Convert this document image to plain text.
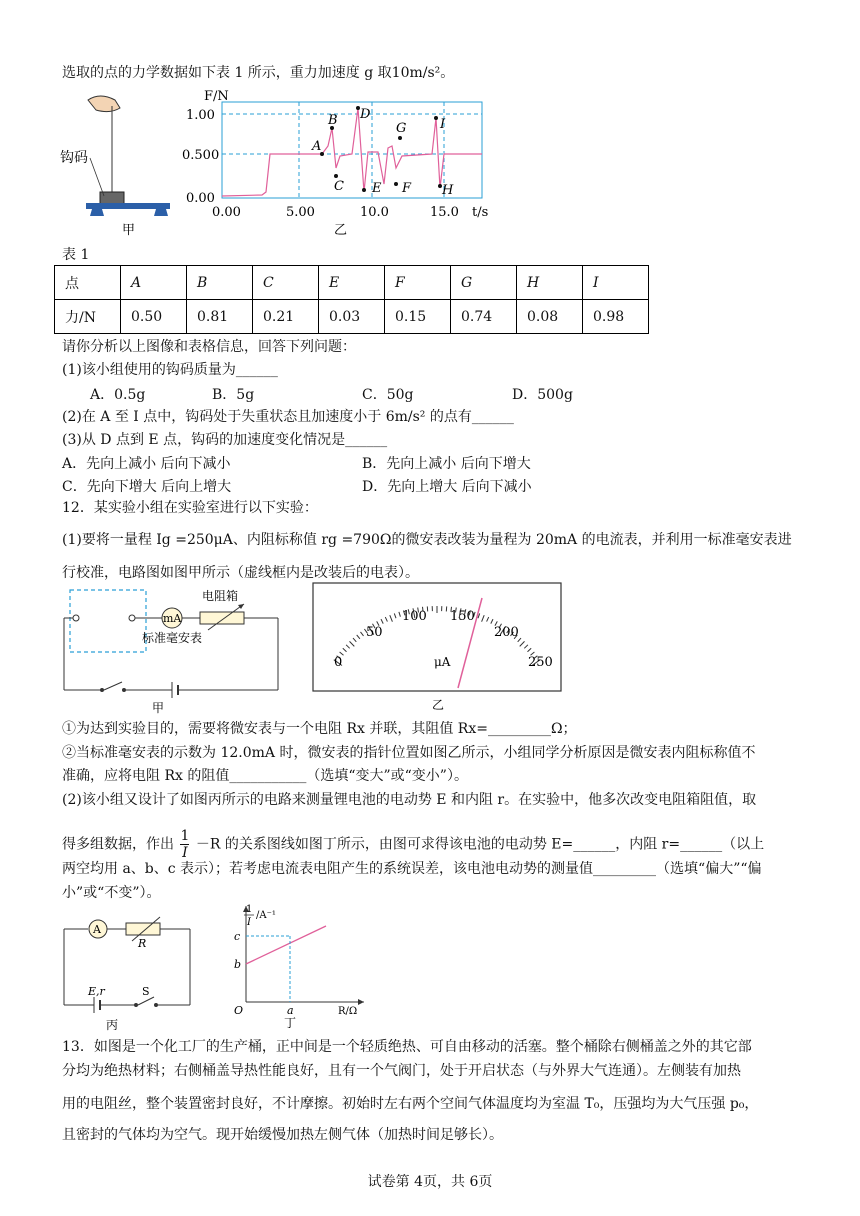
选取的点的力学数据如下表 1 所示，重力加速度 g 取10m/s²。
钩码
甲
A
B
C
D
E F
G
H
I
F/N
1.00
0.500
0.00
0.00	5.00	10.0	15.0 t/s
乙
表 1
点	A	B	C	E	F	G	H	I
力/N	0.50	0.81	0.21	0.03	0.15	0.74	0.08	0.98
请你分析以上图像和表格信息，回答下列问题：
(1)该小组使用的钩码质量为______
A．0.5g	B．5g	C．50g	D．500g
(2)在 A 至 I 点中，钩码处于失重状态且加速度小于 6m/s² 的点有______
(3)从 D 点到 E 点，钩码的加速度变化情况是______
A．先向上减小 后向下减小	B．先向上减小 后向下增大
C．先向下增大 后向上增大	D．先向上增大 后向下减小
12．某实验小组在实验室进行以下实验：
(1)要将一量程 Ig =250μA、内阻标称值 rg =790Ω的微安表改装为量程为 20mA 的电流表，并利用一标准毫安表进
行校准，电路图如图甲所示（虚线框内是改装后的电表）。
mA
电阻箱
标准毫安表
甲
0
50
100 150
200
250
μA
乙
①为达到实验目的，需要将微安表与一个电阻 Rx 并联，其阻值 Rx=_________Ω；
②当标准毫安表的示数为 12.0mA 时，微安表的指针位置如图乙所示，小组同学分析原因是微安表内阻标称值不
准确，应将电阻 Rx 的阻值___________（选填“变大”或“变小”）。
(2)该小组又设计了如图丙所示的电路来测量锂电池的电动势 E 和内阻 r。在实验中，他多次改变电阻箱阻值，取
得多组数据，作出 $\frac{1}{I} -R$ 的关系图线如图丁所示，由图可求得该电池的电动势 E=______，内阻 r=______（以上
两空均用 a、b、c 表示）；若考虑电流表电阻产生的系统误差，该电池电动势的测量值_________（选填“偏大”“偏
小”或“不变”）。
A
R
E,r	S
丙
1
I
/A⁻¹
c
b
O	a	R/Ω
丁
13．如图是一个化工厂的生产桶，正中间是一个轻质绝热、可自由移动的活塞。整个桶除右侧桶盖之外的其它部
分均为绝热材料；右侧桶盖导热性能良好，且有一个气阀门，处于开启状态（与外界大气连通）。左侧装有加热
用的电阻丝，整个装置密封良好，不计摩擦。初始时左右两个空间气体温度均为室温 T₀，压强均为大气压强 p₀，
且密封的气体均为空气。现开始缓慢加热左侧气体（加热时间足够长）。
试卷第 4页，共 6页
